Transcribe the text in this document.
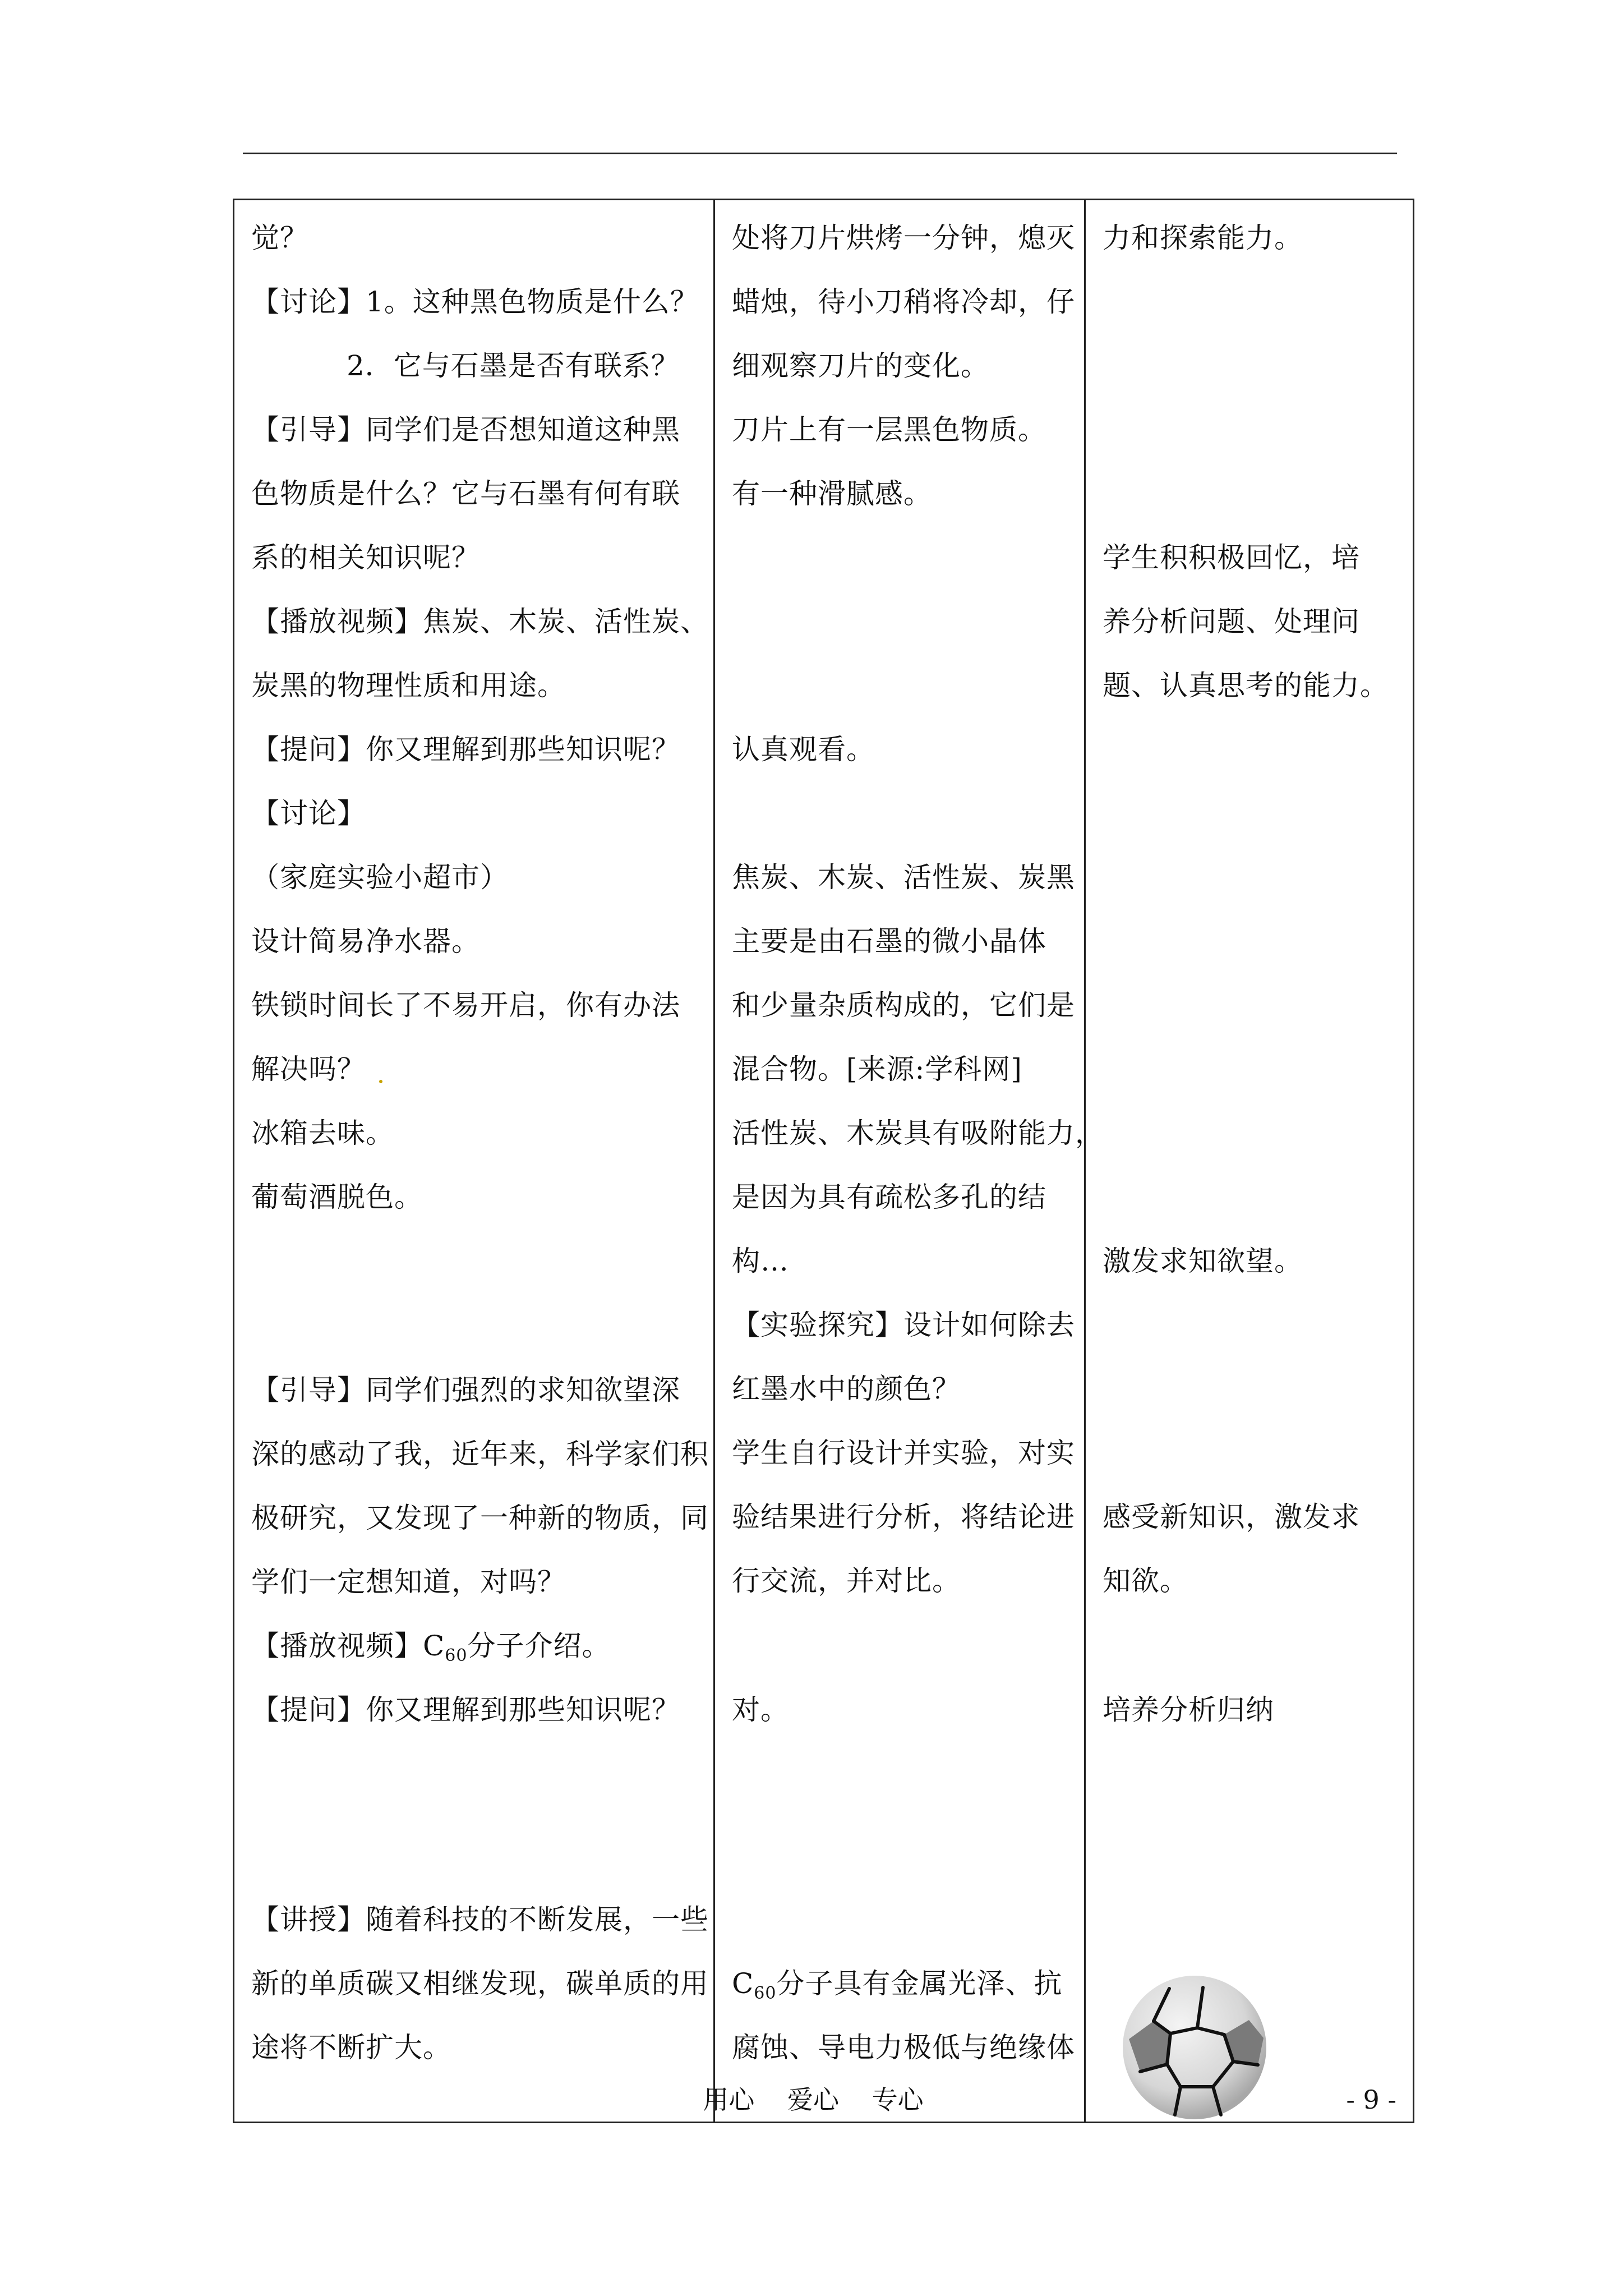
觉？
【讨论】1。这种黑色物质是什么？
2．它与石墨是否有联系？
【引导】同学们是否想知道这种黑
色物质是什么？它与石墨有何有联
系的相关知识呢？
【播放视频】焦炭、木炭、活性炭、
炭黑的物理性质和用途。
【提问】你又理解到那些知识呢？
【讨论】
（家庭实验小超市）
设计简易净水器。
铁锁时间长了不易开启，你有办法
解决吗？
冰箱去味。
葡萄酒脱色。
【引导】同学们强烈的求知欲望深
深的感动了我，近年来，科学家们积
极研究，又发现了一种新的物质，同
学们一定想知道，对吗？
【播放视频】$C_{60}$分子介绍。
【提问】你又理解到那些知识呢？
【讲授】随着科技的不断发展，一些
新的单质碳又相继发现，碳单质的用
途将不断扩大。
处将刀片烘烤一分钟，熄灭
蜡烛，待小刀稍将冷却，仔
细观察刀片的变化。
刀片上有一层黑色物质。
有一种滑腻感。
认真观看。
焦炭、木炭、活性炭、炭黑
主要是由石墨的微小晶体
和少量杂质构成的，它们是
混合物。[来源:学科网]
活性炭、木炭具有吸附能力，
是因为具有疏松多孔的结
构…
【实验探究】设计如何除去
红墨水中的颜色？
学生自行设计并实验，对实
验结果进行分析，将结论进
行交流，并对比。
对。
$C_{60}$分子具有金属光泽、抗
腐蚀、导电力极低与绝缘体
力和探索能力。
学生积积极回忆，培
养分析问题、处理问
题、认真思考的能力。
激发求知欲望。
感受新知识，激发求
知欲。
培养分析归纳
用心 爱心 专心	- 9 -
